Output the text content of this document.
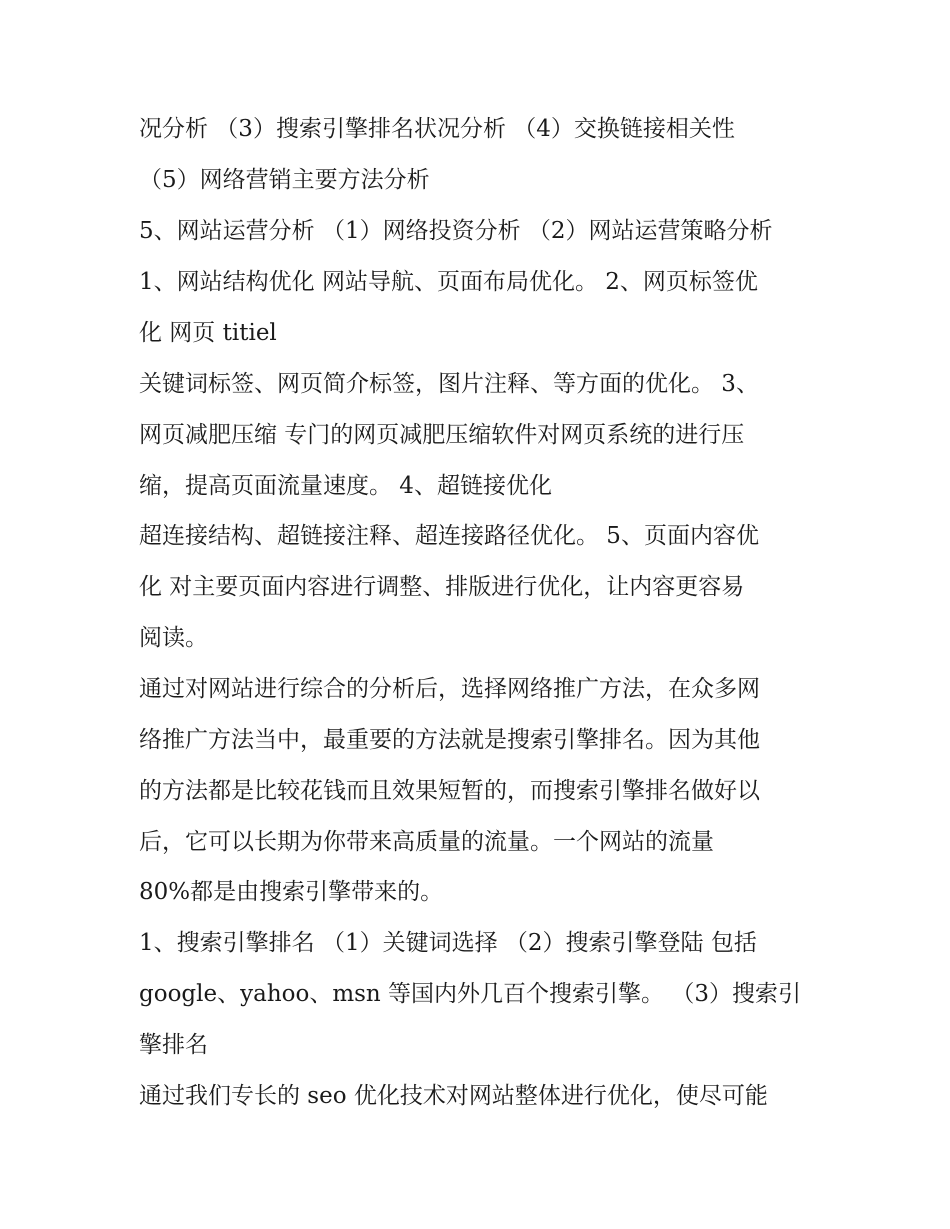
况分析 （3）搜索引擎排名状况分析 （4）交换链接相关性
（5）网络营销主要方法分析
5、网站运营分析 （1）网络投资分析 （2）网站运营策略分析
1、网站结构优化 网站导航、页面布局优化。 2、网页标签优
化 网页 titiel
关键词标签、网页简介标签，图片注释、等方面的优化。 3、
网页减肥压缩 专门的网页减肥压缩软件对网页系统的进行压
缩，提高页面流量速度。 4、超链接优化
超连接结构、超链接注释、超连接路径优化。 5、页面内容优
化 对主要页面内容进行调整、排版进行优化，让内容更容易
阅读。
通过对网站进行综合的分析后，选择网络推广方法，在众多网
络推广方法当中，最重要的方法就是搜索引擎排名。因为其他
的方法都是比较花钱而且效果短暂的，而搜索引擎排名做好以
后，它可以长期为你带来高质量的流量。一个网站的流量
80%都是由搜索引擎带来的。
1、搜索引擎排名 （1）关键词选择 （2）搜索引擎登陆 包括
google、yahoo、msn 等国内外几百个搜索引擎。 （3）搜索引
擎排名
通过我们专长的 seo 优化技术对网站整体进行优化，使尽可能
